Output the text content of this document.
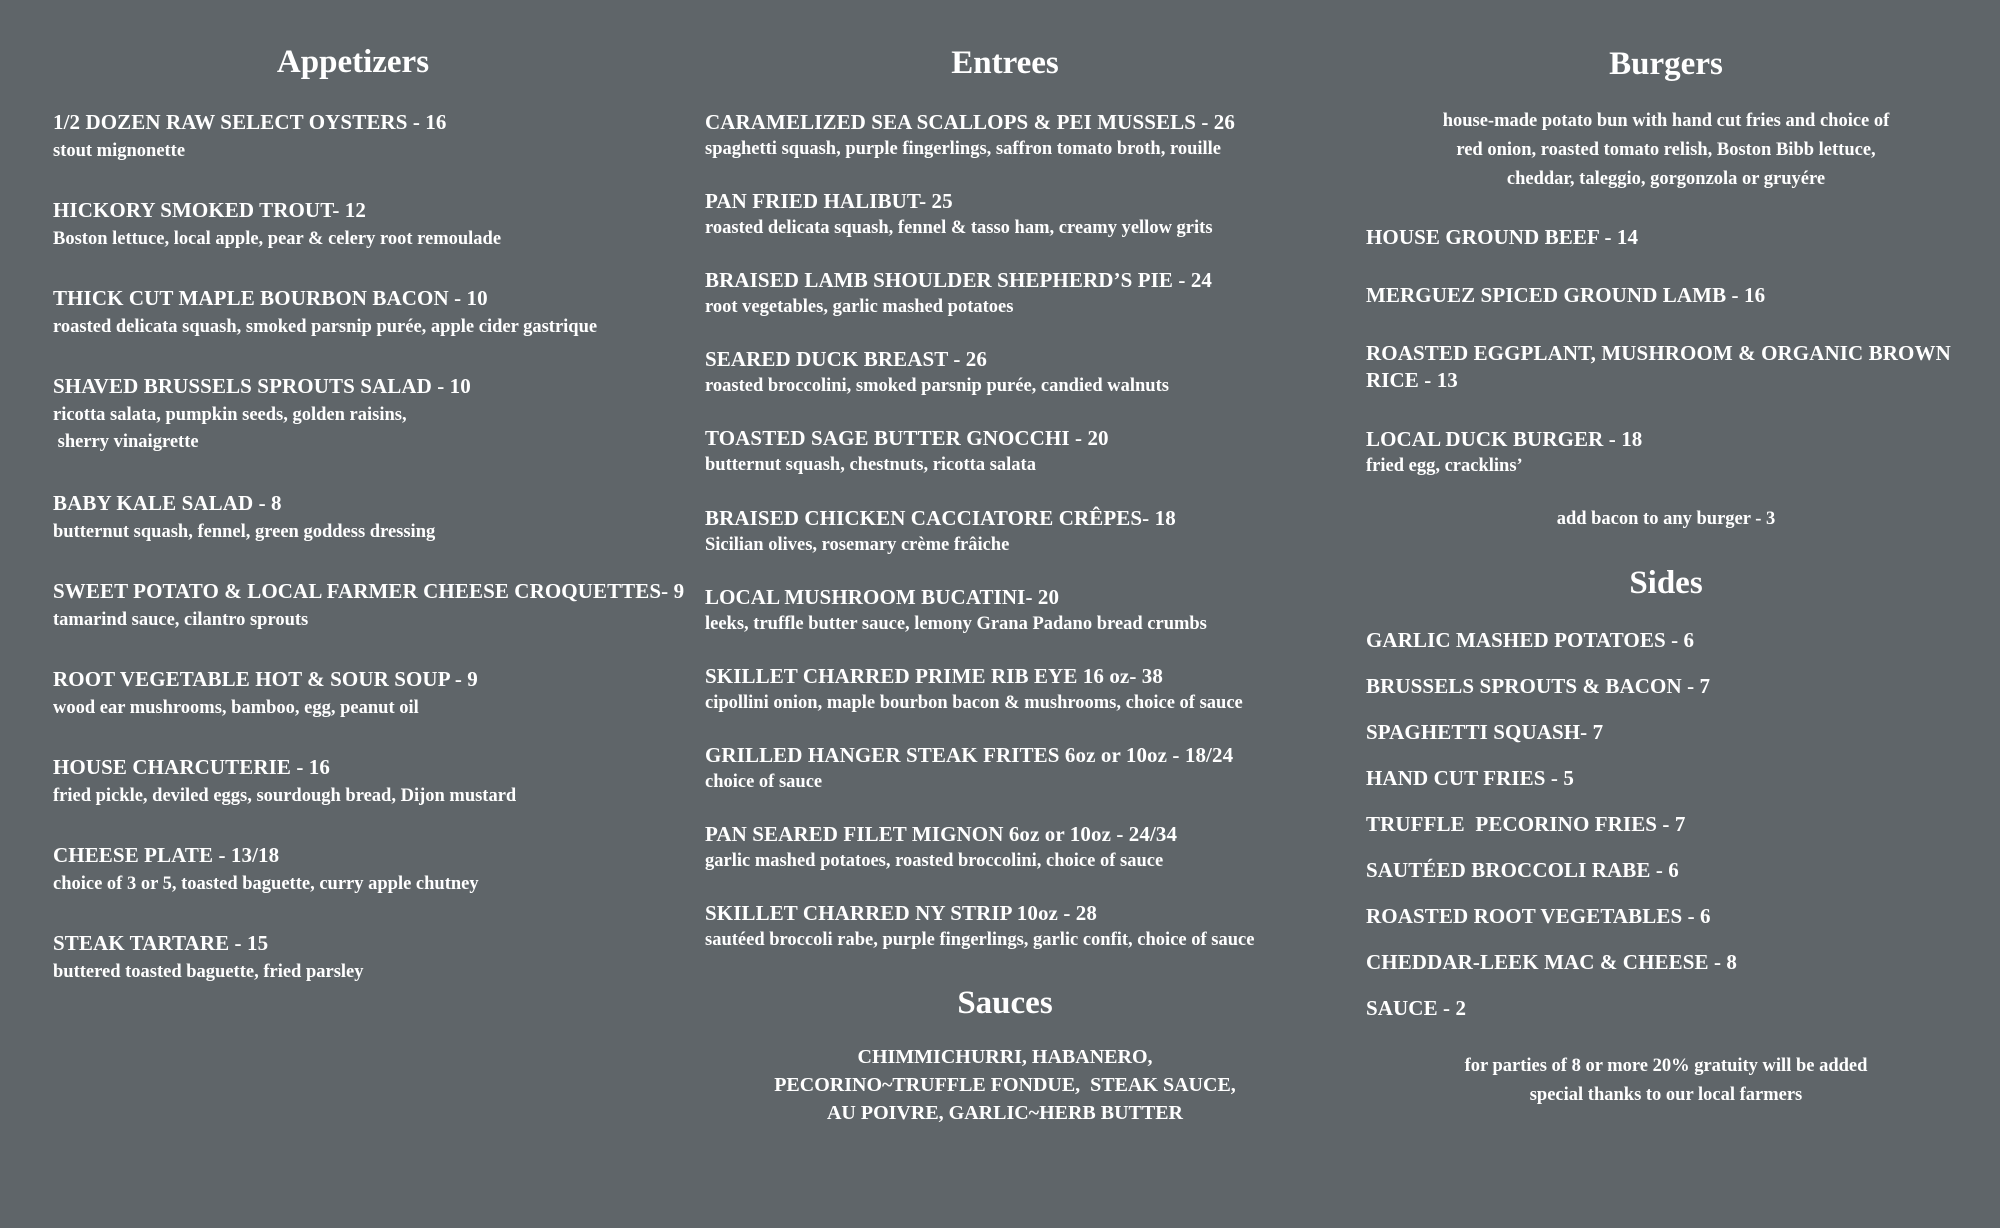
Appetizers
1/2 DOZEN RAW SELECT OYSTERS - 16
stout mignonette
HICKORY SMOKED TROUT- 12
Boston lettuce, local apple, pear & celery root remoulade
THICK CUT MAPLE BOURBON BACON - 10
roasted delicata squash, smoked parsnip purée, apple cider gastrique
SHAVED BRUSSELS SPROUTS SALAD - 10
ricotta salata, pumpkin seeds, golden raisins,
sherry vinaigrette
BABY KALE SALAD - 8
butternut squash, fennel, green goddess dressing
SWEET POTATO & LOCAL FARMER CHEESE CROQUETTES- 9
tamarind sauce, cilantro sprouts
ROOT VEGETABLE HOT & SOUR SOUP - 9
wood ear mushrooms, bamboo, egg, peanut oil
HOUSE CHARCUTERIE - 16
fried pickle, deviled eggs, sourdough bread, Dijon mustard
CHEESE PLATE - 13/18
choice of 3 or 5, toasted baguette, curry apple chutney
STEAK TARTARE - 15
buttered toasted baguette, fried parsley
Entrees
CARAMELIZED SEA SCALLOPS & PEI MUSSELS - 26
spaghetti squash, purple fingerlings, saffron tomato broth, rouille
PAN FRIED HALIBUT- 25
roasted delicata squash, fennel & tasso ham, creamy yellow grits
BRAISED LAMB SHOULDER SHEPHERD’S PIE - 24
root vegetables, garlic mashed potatoes
SEARED DUCK BREAST - 26
roasted broccolini, smoked parsnip purée, candied walnuts
TOASTED SAGE BUTTER GNOCCHI - 20
butternut squash, chestnuts, ricotta salata
BRAISED CHICKEN CACCIATORE CRÊPES- 18
Sicilian olives, rosemary crème frâiche
LOCAL MUSHROOM BUCATINI- 20
leeks, truffle butter sauce, lemony Grana Padano bread crumbs
SKILLET CHARRED PRIME RIB EYE 16 oz- 38
cipollini onion, maple bourbon bacon & mushrooms, choice of sauce
GRILLED HANGER STEAK FRITES 6oz or 10oz - 18/24
choice of sauce
PAN SEARED FILET MIGNON 6oz or 10oz - 24/34
garlic mashed potatoes, roasted broccolini, choice of sauce
SKILLET CHARRED NY STRIP 10oz - 28
sautéed broccoli rabe, purple fingerlings, garlic confit, choice of sauce
Sauces
CHIMMICHURRI, HABANERO,
PECORINO~TRUFFLE FONDUE,  STEAK SAUCE,
AU POIVRE, GARLIC~HERB BUTTER
Burgers
house-made potato bun with hand cut fries and choice of
red onion, roasted tomato relish, Boston Bibb lettuce,
cheddar, taleggio, gorgonzola or gruyére
HOUSE GROUND BEEF - 14
MERGUEZ SPICED GROUND LAMB - 16
ROASTED EGGPLANT, MUSHROOM & ORGANIC BROWN
RICE - 13
LOCAL DUCK BURGER - 18
fried egg, cracklins’
add bacon to any burger - 3
Sides
GARLIC MASHED POTATOES - 6
BRUSSELS SPROUTS & BACON - 7
SPAGHETTI SQUASH- 7
HAND CUT FRIES - 5
TRUFFLE  PECORINO FRIES - 7
SAUTÉED BROCCOLI RABE - 6
ROASTED ROOT VEGETABLES - 6
CHEDDAR-LEEK MAC & CHEESE - 8
SAUCE - 2
for parties of 8 or more 20% gratuity will be added
special thanks to our local farmers
